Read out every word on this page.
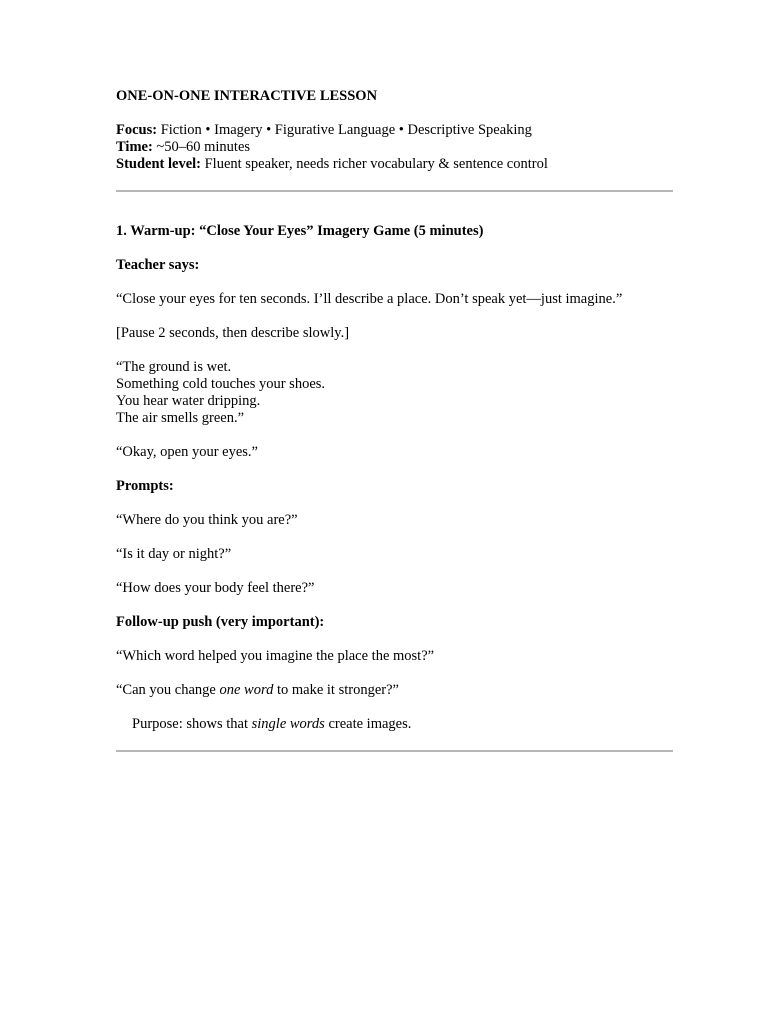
ONE-ON-ONE INTERACTIVE LESSON

Focus: Fiction • Imagery • Figurative Language • Descriptive Speaking

Time: ~50–60 minutes

Student level: Fluent speaker, needs richer vocabulary & sentence control

1. Warm-up: “Close Your Eyes” Imagery Game (5 minutes)

Teacher says:

“Close your eyes for ten seconds. I’ll describe a place. Don’t speak yet—just imagine.”

[Pause 2 seconds, then describe slowly.]

“The ground is wet.

Something cold touches your shoes.

You hear water dripping.

The air smells green.”

“Okay, open your eyes.”

Prompts:

“Where do you think you are?”

“Is it day or night?”

“How does your body feel there?”

Follow-up push (very important):

“Which word helped you imagine the place the most?”

“Can you change one word to make it stronger?”

Purpose: shows that single words create images.
